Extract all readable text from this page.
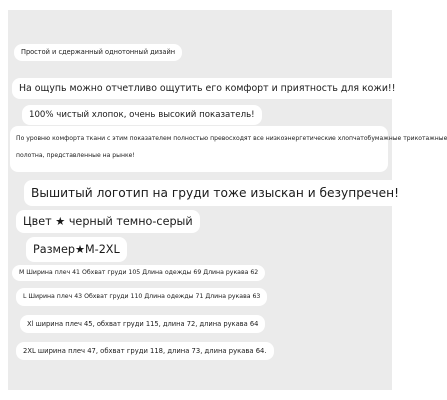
Простой и сдержанный однотонный дизайн
На ощупь можно отчетливо ощутить его комфорт и приятность для кожи!!
100% чистый хлопок, очень высокий показатель!
По уровню комфорта ткани с этим показателем полностью превосходят все низкоэнергетические хлопчатобумажные трикотажные
полотна, представленные на рынке!
Вышитый логотип на груди тоже изыскан и безупречен!
Цвет ★ черный темно-серый
Размер★M-2XL
M Ширина плеч 41 Обхват груди 105 Длина одежды 69 Длина рукава 62
L Ширина плеч 43 Обхват груди 110 Длина одежды 71 Длина рукава 63
Xl ширина плеч 45, обхват груди 115, длина 72, длина рукава 64
2XL ширина плеч 47, обхват груди 118, длина 73, длина рукава 64.
